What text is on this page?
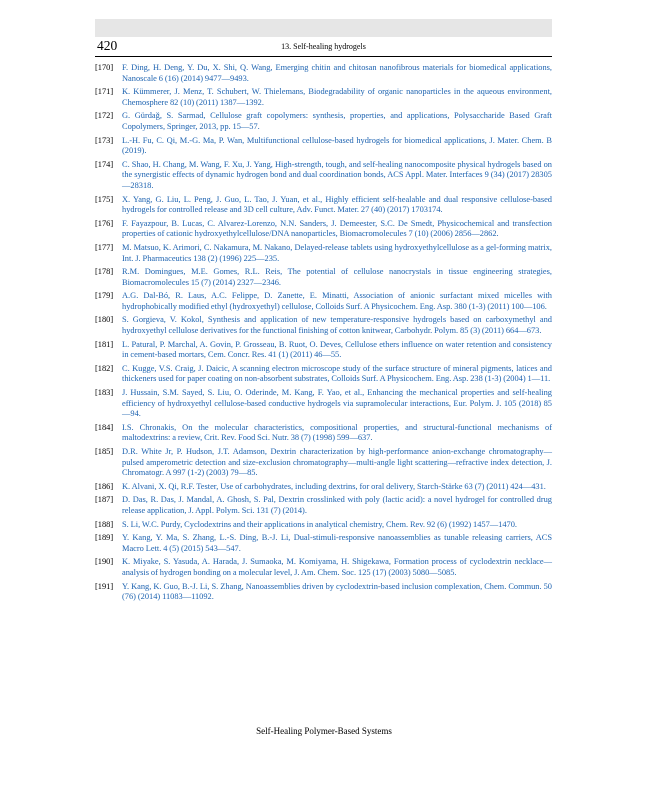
420	13. Self-healing hydrogels
[170]	F. Ding, H. Deng, Y. Du, X. Shi, Q. Wang, Emerging chitin and chitosan nanofibrous materials for biomedical applications, Nanoscale 6 (16) (2014) 9477—9493.
[171]	K. Kümmerer, J. Menz, T. Schubert, W. Thielemans, Biodegradability of organic nanoparticles in the aqueous environment, Chemosphere 82 (10) (2011) 1387—1392.
[172]	G. Gürdağ, S. Sarmad, Cellulose graft copolymers: synthesis, properties, and applications, Polysaccharide Based Graft Copolymers, Springer, 2013, pp. 15—57.
[173]	L.-H. Fu, C. Qi, M.-G. Ma, P. Wan, Multifunctional cellulose-based hydrogels for biomedical applications, J. Mater. Chem. B (2019).
[174]	C. Shao, H. Chang, M. Wang, F. Xu, J. Yang, High-strength, tough, and self-healing nanocomposite physical hydrogels based on the synergistic effects of dynamic hydrogen bond and dual coordination bonds, ACS Appl. Mater. Interfaces 9 (34) (2017) 28305—28318.
[175]	X. Yang, G. Liu, L. Peng, J. Guo, L. Tao, J. Yuan, et al., Highly efficient self-healable and dual responsive cellulose-based hydrogels for controlled release and 3D cell culture, Adv. Funct. Mater. 27 (40) (2017) 1703174.
[176]	F. Fayazpour, B. Lucas, C. Alvarez-Lorenzo, N.N. Sanders, J. Demeester, S.C. De Smedt, Physicochemical and transfection properties of cationic hydroxyethylcellulose/DNA nanoparticles, Biomacromolecules 7 (10) (2006) 2856—2862.
[177]	M. Matsuo, K. Arimori, C. Nakamura, M. Nakano, Delayed-release tablets using hydroxyethylcellulose as a gel-forming matrix, Int. J. Pharmaceutics 138 (2) (1996) 225—235.
[178]	R.M. Domingues, M.E. Gomes, R.L. Reis, The potential of cellulose nanocrystals in tissue engineering strategies, Biomacromolecules 15 (7) (2014) 2327—2346.
[179]	A.G. Dal-Bó, R. Laus, A.C. Felippe, D. Zanette, E. Minatti, Association of anionic surfactant mixed micelles with hydrophobically modified ethyl (hydroxyethyl) cellulose, Colloids Surf. A Physicochem. Eng. Asp. 380 (1-3) (2011) 100—106.
[180]	S. Gorgieva, V. Kokol, Synthesis and application of new temperature-responsive hydrogels based on carboxymethyl and hydroxyethyl cellulose derivatives for the functional finishing of cotton knitwear, Carbohydr. Polym. 85 (3) (2011) 664—673.
[181]	L. Patural, P. Marchal, A. Govin, P. Grosseau, B. Ruot, O. Deves, Cellulose ethers influence on water retention and consistency in cement-based mortars, Cem. Concr. Res. 41 (1) (2011) 46—55.
[182]	C. Kugge, V.S. Craig, J. Daicic, A scanning electron microscope study of the surface structure of mineral pigments, latices and thickeners used for paper coating on non-absorbent substrates, Colloids Surf. A Physicochem. Eng. Asp. 238 (1-3) (2004) 1—11.
[183]	J. Hussain, S.M. Sayed, S. Liu, O. Oderinde, M. Kang, F. Yao, et al., Enhancing the mechanical properties and self-healing efficiency of hydroxyethyl cellulose-based conductive hydrogels via supramolecular interactions, Eur. Polym. J. 105 (2018) 85—94.
[184]	I.S. Chronakis, On the molecular characteristics, compositional properties, and structural-functional mechanisms of maltodextrins: a review, Crit. Rev. Food Sci. Nutr. 38 (7) (1998) 599—637.
[185]	D.R. White Jr, P. Hudson, J.T. Adamson, Dextrin characterization by high-performance anion-exchange chromatography—pulsed amperometric detection and size-exclusion chromatography—multi-angle light scattering—refractive index detection, J. Chromatogr. A 997 (1-2) (2003) 79—85.
[186]	K. Alvani, X. Qi, R.F. Tester, Use of carbohydrates, including dextrins, for oral delivery, Starch-Stärke 63 (7) (2011) 424—431.
[187]	D. Das, R. Das, J. Mandal, A. Ghosh, S. Pal, Dextrin crosslinked with poly (lactic acid): a novel hydrogel for controlled drug release application, J. Appl. Polym. Sci. 131 (7) (2014).
[188]	S. Li, W.C. Purdy, Cyclodextrins and their applications in analytical chemistry, Chem. Rev. 92 (6) (1992) 1457—1470.
[189]	Y. Kang, Y. Ma, S. Zhang, L.-S. Ding, B.-J. Li, Dual-stimuli-responsive nanoassemblies as tunable releasing carriers, ACS Macro Lett. 4 (5) (2015) 543—547.
[190]	K. Miyake, S. Yasuda, A. Harada, J. Sumaoka, M. Komiyama, H. Shigekawa, Formation process of cyclodextrin necklace—analysis of hydrogen bonding on a molecular level, J. Am. Chem. Soc. 125 (17) (2003) 5080—5085.
[191]	Y. Kang, K. Guo, B.-J. Li, S. Zhang, Nanoassemblies driven by cyclodextrin-based inclusion complexation, Chem. Commun. 50 (76) (2014) 11083—11092.
Self-Healing Polymer-Based Systems
